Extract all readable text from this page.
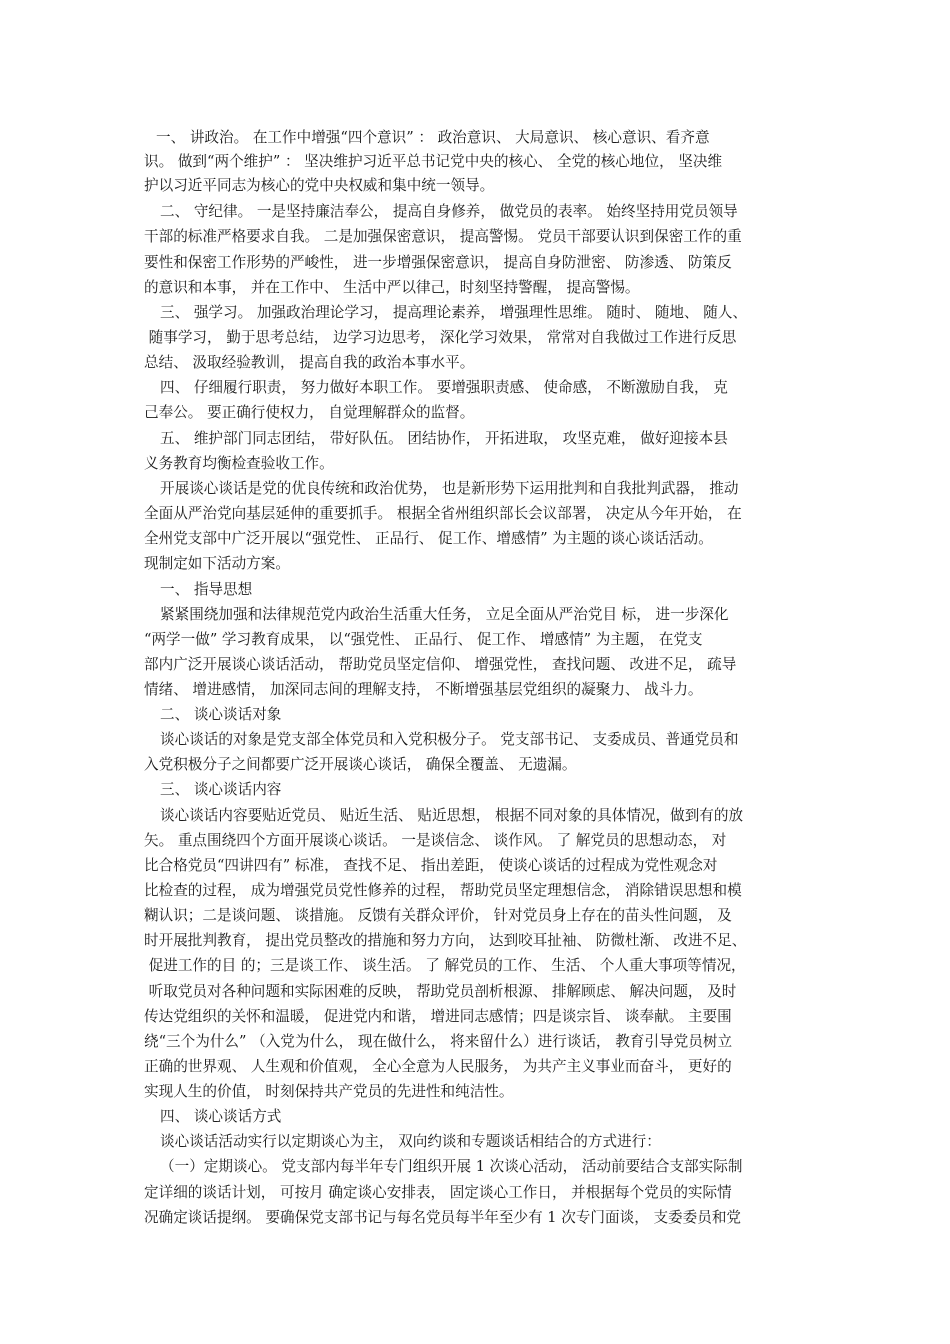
一、 讲政治。 在工作中增强“四个意识” ： 政治意识、 大局意识、 核心意识、看齐意
识。 做到“两个维护” ： 坚决维护习近平总书记党中央的核心、 全党的核心地位， 坚决维
护以习近平同志为核心的党中央权威和集中统一领导。
二、 守纪律。 一是坚持廉洁奉公， 提高自身修养， 做党员的表率。 始终坚持用党员领导
干部的标准严格要求自我。 二是加强保密意识， 提高警惕。 党员干部要认识到保密工作的重
要性和保密工作形势的严峻性， 进一步增强保密意识， 提高自身防泄密、 防渗透、 防策反
的意识和本事， 并在工作中、 生活中严以律己，时刻坚持警醒， 提高警惕。
三、 强学习。 加强政治理论学习， 提高理论素养， 增强理性思维。 随时、 随地、 随人、
随事学习， 勤于思考总结， 边学习边思考， 深化学习效果， 常常对自我做过工作进行反思
总结、 汲取经验教训， 提高自我的政治本事水平。
四、 仔细履行职责， 努力做好本职工作。 要增强职责感、 使命感， 不断激励自我， 克
己奉公。 要正确行使权力， 自觉理解群众的监督。
五、 维护部门同志团结， 带好队伍。 团结协作， 开拓进取， 攻坚克难， 做好迎接本县
义务教育均衡检查验收工作。
开展谈心谈话是党的优良传统和政治优势， 也是新形势下运用批判和自我批判武器， 推动
全面从严治党向基层延伸的重要抓手。 根据全省州组织部长会议部署， 决定从今年开始， 在
全州党支部中广泛开展以“强党性、 正品行、 促工作、增感情” 为主题的谈心谈话活动。
现制定如下活动方案。
一、 指导思想
紧紧围绕加强和法律规范党内政治生活重大任务， 立足全面从严治党目 标， 进一步深化
“两学一做” 学习教育成果， 以“强党性、 正品行、 促工作、 增感情” 为主题， 在党支
部内广泛开展谈心谈话活动， 帮助党员坚定信仰、 增强党性， 查找问题、 改进不足， 疏导
情绪、 增进感情， 加深同志间的理解支持， 不断增强基层党组织的凝聚力、 战斗力。
二、 谈心谈话对象
谈心谈话的对象是党支部全体党员和入党积极分子。 党支部书记、 支委成员、普通党员和
入党积极分子之间都要广泛开展谈心谈话， 确保全覆盖、 无遗漏。
三、 谈心谈话内容
谈心谈话内容要贴近党员、 贴近生活、 贴近思想， 根据不同对象的具体情况，做到有的放
矢。 重点围绕四个方面开展谈心谈话。 一是谈信念、 谈作风。 了 解党员的思想动态， 对
比合格党员“四讲四有” 标准， 查找不足、 指出差距， 使谈心谈话的过程成为党性观念对
比检查的过程， 成为增强党员党性修养的过程， 帮助党员坚定理想信念， 消除错误思想和模
糊认识；二是谈问题、 谈措施。 反馈有关群众评价， 针对党员身上存在的苗头性问题， 及
时开展批判教育， 提出党员整改的措施和努力方向， 达到咬耳扯袖、 防微杜渐、 改进不足、
促进工作的目 的；三是谈工作、 谈生活。 了 解党员的工作、 生活、 个人重大事项等情况，
听取党员对各种问题和实际困难的反映， 帮助党员剖析根源、 排解顾虑、 解决问题， 及时
传达党组织的关怀和温暖， 促进党内和谐， 增进同志感情；四是谈宗旨、 谈奉献。 主要围
绕“三个为什么” （入党为什么， 现在做什么， 将来留什么）进行谈话， 教育引导党员树立
正确的世界观、 人生观和价值观， 全心全意为人民服务， 为共产主义事业而奋斗， 更好的
实现人生的价值， 时刻保持共产党员的先进性和纯洁性。
四、 谈心谈话方式
谈心谈话活动实行以定期谈心为主， 双向约谈和专题谈话相结合的方式进行：
（一）定期谈心。 党支部内每半年专门组织开展 1 次谈心活动， 活动前要结合支部实际制
定详细的谈话计划， 可按月 确定谈心安排表， 固定谈心工作日， 并根据每个党员的实际情
况确定谈话提纲。 要确保党支部书记与每名党员每半年至少有 1 次专门面谈， 支委委员和党
